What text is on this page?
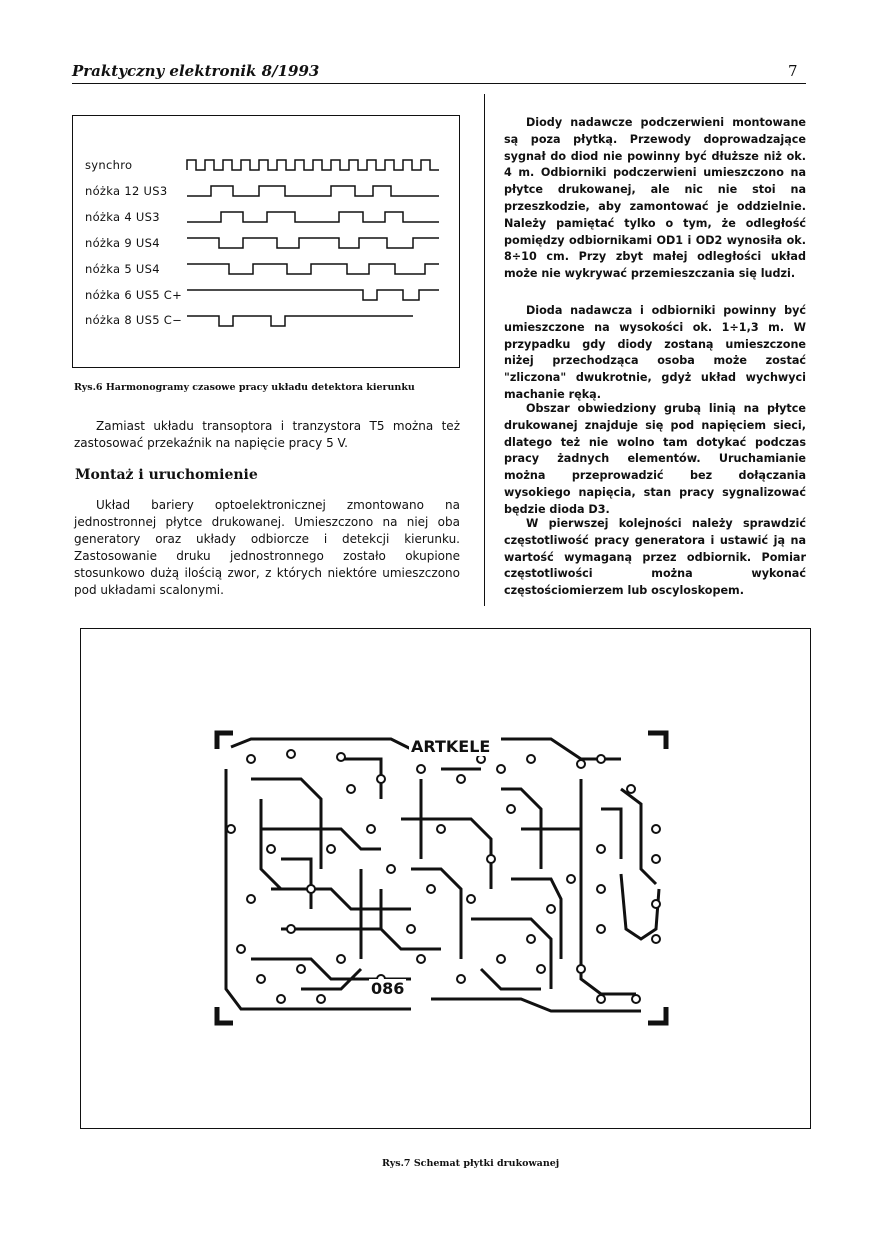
Praktyczny elektronik 8/1993	7
synchro
nóżka 12 US3
nóżka 4 US3
nóżka 9 US4
nóżka 5 US4
nóżka 6 US5 C+
nóżka 8 US5 C−
Rys.6 Harmonogramy czasowe pracy układu detektora kierunku

Zamiast układu transoptora i tranzystora T5 można też zastosować przekaźnik na napięcie pracy 5 V.

Montaż i uruchomienie

Układ bariery optoelektronicznej zmontowano na jednostronnej płytce drukowanej. Umieszczono na niej oba generatory oraz układy odbiorcze i detekcji kierunku. Zastosowanie druku jednostronnego zostało okupione stosunkowo dużą ilością zwor, z których niektóre umieszczono pod układami scalonymi.

Diody nadawcze podczerwieni montowane są poza płytką. Przewody doprowadzające sygnał do diod nie powinny być dłuższe niż ok. 4 m. Odbiorniki podczerwieni umieszczono na płytce drukowanej, ale nic nie stoi na przeszkodzie, aby zamontować je oddzielnie. Należy pamiętać tylko o tym, że odległość pomiędzy odbiornikami OD1 i OD2 wynosiła ok. 8÷10 cm. Przy zbyt małej odległości układ może nie wykrywać przemieszczania się ludzi.

Dioda nadawcza i odbiorniki powinny być umieszczone na wysokości ok. 1÷1,3 m. W przypadku gdy diody zostaną umieszczone niżej przechodząca osoba może zostać "zliczona" dwukrotnie, gdyż układ wychwyci machanie ręką.

Obszar obwiedziony grubą linią na płytce drukowanej znajduje się pod napięciem sieci, dlatego też nie wolno tam dotykać podczas pracy żadnych elementów. Uruchamianie można przeprowadzić bez dołączania wysokiego napięcia, stan pracy sygnalizować będzie dioda D3.

W pierwszej kolejności należy sprawdzić częstotliwość pracy generatora i ustawić ją na wartość wymaganą przez odbiornik. Pomiar częstotliwości można wykonać częstościomierzem lub oscyloskopem.

ARTKELE
086
Rys.7 Schemat płytki drukowanej
